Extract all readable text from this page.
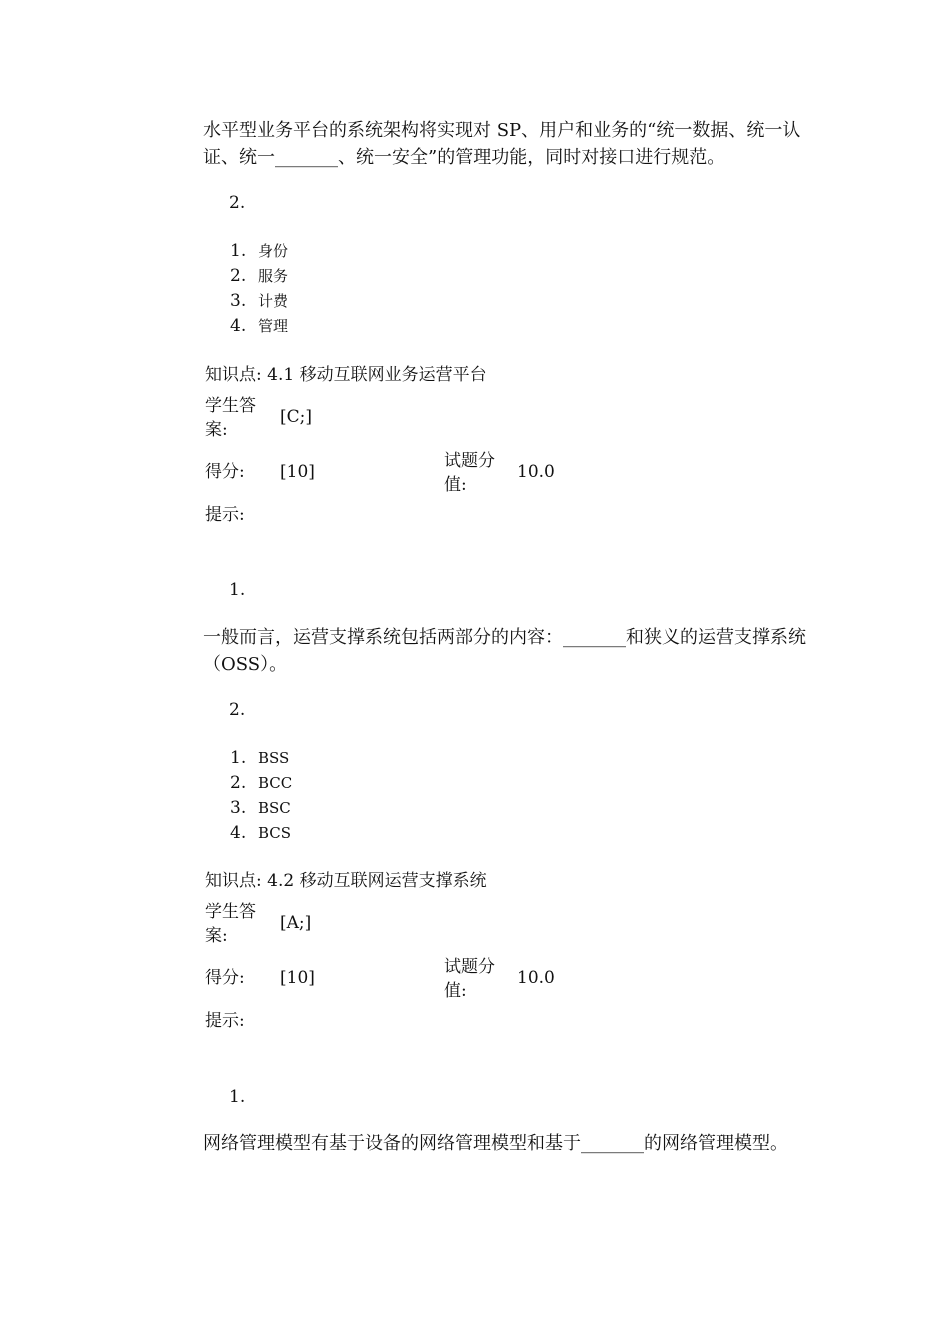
水平型业务平台的系统架构将实现对 SP、用户和业务的“统一数据、统一认证、统一_______、统一安全”的管理功能，同时对接口进行规范。
2.
1. 身份
2. 服务
3. 计费
4. 管理
知识点: 4.1 移动互联网业务运营平台
学生答案:
[C;]
得分: [10]
试题分值:
10.0
提示:
1.
一般而言，运营支撑系统包括两部分的内容：_______和狭义的运营支撑系统（OSS）。
2.
1. BSS
2. BCC
3. BSC
4. BCS
知识点: 4.2 移动互联网运营支撑系统
学生答案:
[A;]
得分: [10]
试题分值:
10.0
提示:
1.
网络管理模型有基于设备的网络管理模型和基于_______的网络管理模型。
